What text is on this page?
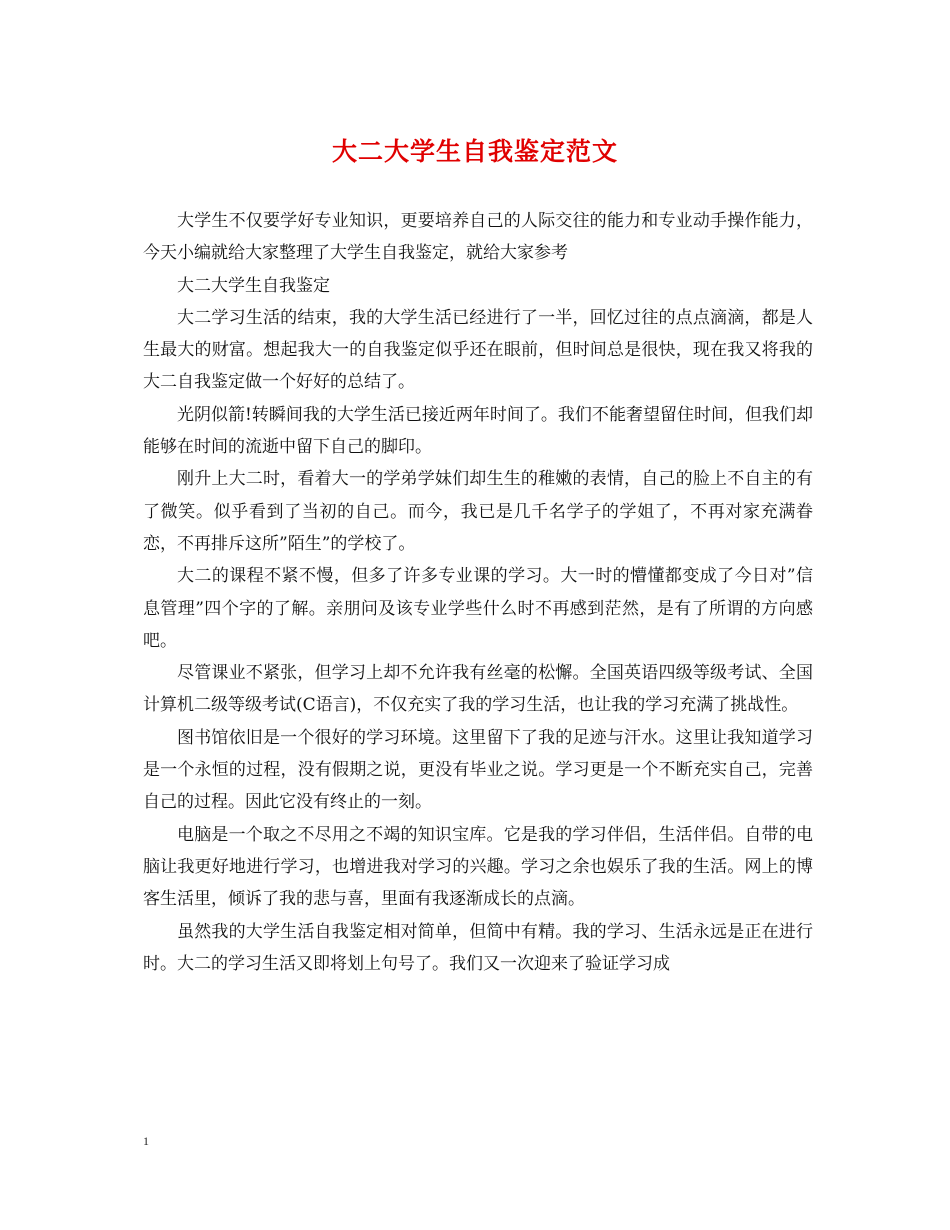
大二大学生自我鉴定范文

大学生不仅要学好专业知识，更要培养自己的人际交往的能力和专业动手操作能力，今天小编就给大家整理了大学生自我鉴定，就给大家参考

大二大学生自我鉴定

大二学习生活的结束，我的大学生活已经进行了一半，回忆过往的点点滴滴，都是人生最大的财富。想起我大一的自我鉴定似乎还在眼前，但时间总是很快，现在我又将我的大二自我鉴定做一个好好的总结了。

光阴似箭!转瞬间我的大学生活已接近两年时间了。我们不能奢望留住时间，但我们却能够在时间的流逝中留下自己的脚印。

刚升上大二时，看着大一的学弟学妹们却生生的稚嫩的表情，自己的脸上不自主的有了微笑。似乎看到了当初的自己。而今，我已是几千名学子的学姐了，不再对家充满眷恋，不再排斥这所”陌生”的学校了。

大二的课程不紧不慢，但多了许多专业课的学习。大一时的懵懂都变成了今日对”信息管理”四个字的了解。亲朋问及该专业学些什么时不再感到茫然，是有了所谓的方向感吧。

尽管课业不紧张，但学习上却不允许我有丝毫的松懈。全国英语四级等级考试、全国计算机二级等级考试(C语言)，不仅充实了我的学习生活，也让我的学习充满了挑战性。

图书馆依旧是一个很好的学习环境。这里留下了我的足迹与汗水。这里让我知道学习是一个永恒的过程，没有假期之说，更没有毕业之说。学习更是一个不断充实自己，完善自己的过程。因此它没有终止的一刻。

电脑是一个取之不尽用之不竭的知识宝库。它是我的学习伴侣，生活伴侣。自带的电脑让我更好地进行学习，也增进我对学习的兴趣。学习之余也娱乐了我的生活。网上的博客生活里，倾诉了我的悲与喜，里面有我逐渐成长的点滴。

虽然我的大学生活自我鉴定相对简单，但简中有精。我的学习、生活永远是正在进行时。大二的学习生活又即将划上句号了。我们又一次迎来了验证学习成

1
